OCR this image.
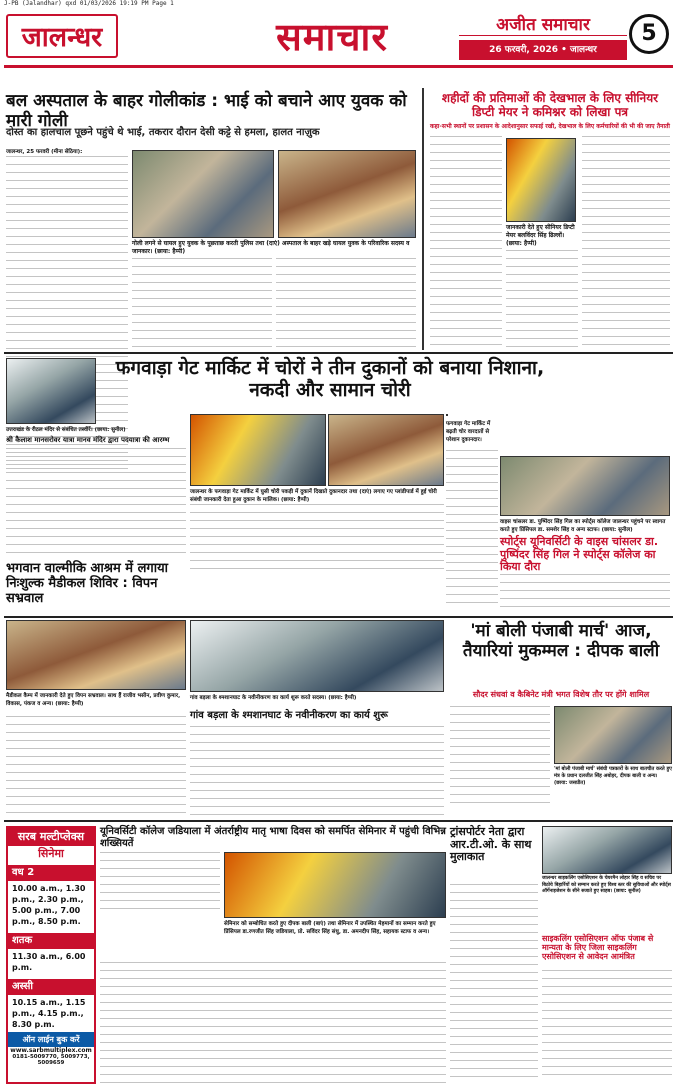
J-PB (Jalandhar) qxd 01/03/2026 19:19 PM Page 1
जालन्धर	समाचार	अजीत समाचार
26 फरवरी, 2026 • जालन्धर
5
बल अस्पताल के बाहर गोलीकांड : भाई को बचाने आए युवक को मारी गोली
दोस्त का हालचाल पूछने पहुंचे थे भाई, तकरार दौरान देसी कट्टे से हमला, हालत नाज़ुक
जालन्धर, 25 फरवरी (मीना सेठिया):
गोली लगने से घायल हुए युवक के पूछताछ करती पुलिस तथा (दाएं) अस्पताल के बाहर खड़े घायल युवक के परिवारिक सदस्य व जानकार। (छाया: हैप्पी)
शहीदों की प्रतिमाओं की देखभाल के लिए सीनियर डिप्टी मेयर ने कमिश्नर को लिखा पत्र
कहा-सभी स्थानों पर प्रशासन के आदेशानुसार सफाई रखी, देखभाल के लिए कर्मचारियों की भी की जाए तैनाती
जानकारी देते हुए सीनियर डिप्टी मेयर बलविंदर सिंह ढिल्लों। (छाया: हैप्पी)
फगवाड़ा गेट मार्किट में चोरों ने तीन दुकानों को बनाया निशाना, नकदी और सामान चोरी
उत्तराखंड के रीठल मंदिर से संबंधित तस्वीरें। (छाया: सुनील)
श्री कैलाश मानसरोवर यात्रा मानव मंदिर द्वारा पदयात्रा की आरम्भ
जालन्धर के फगवाड़ा गेट मार्किट में घुसी चोरी पकड़ी में दुकानें दिखाते दुकानदार तथा (दाएं) लगाए गए प्लांडीपार्ड में हुई चोरी संबंधी जानकारी देता हुआ दुकान के मालिक। (छाया: हैप्पी)
वाइस चांसलर डा. पुष्पिंदर सिंह गिल का स्पोर्ट्स कॉलेज जालन्धर पहुंचने पर स्वागत करते हुए प्रिंसिपल डा. समशेर सिंह व अन्य स्टाफ। (छाया: सुनील)
स्पोर्ट्स यूनिवर्सिटी के वाइस चांसलर डा. पुष्पिंदर सिंह गिल ने स्पोर्ट्स कॉलेज का किया दौरा
फगवाड़ा गेट मार्किट में बढ़ती चोर वारदातों से परेशान दुकानदार।
भगवान वाल्मीकि आश्रम में लगाया निःशुल्क मैडीकल शिविर : विपन सभ्रवाल
मैडीकल कैम्प में जानकारी देते हुए विपन सभ्रवाल। साथ हैं राजीव भसीन, प्रवीण कुमार, विकास, पंकज व अन्य। (छाया: हैप्पी)
गांव बड़ला के श्मशानघाट के नवीनीकरण का कार्य शुरू करते सदस्य। (छाया: हैप्पी)
गांव बड़ला के श्मशानघाट के नवीनीकरण का कार्य शुरू
'मां बोली पंजाबी मार्च' आज, तैयारियां मुकम्मल : दीपक बाली
सौदर संधवां व कैबिनेट मंत्री भगत विशेष तौर पर होंगे शामिल
'मां बोली पंजाबी मार्च' संबंधी पत्रकारों के साथ बातचीत करते हुए मंत्र के प्रधान दलजीत सिंह अबोहर, दीपक बाली व अन्य। (छाया: जसप्रीत)
सरब मल्टीप्लेक्स
सिनेमा
वध 2
10.00 a.m., 1.30 p.m., 2.30 p.m., 5.00 p.m., 7.00 p.m., 8.50 p.m.
शतक
11.30 a.m., 6.00 p.m.
अस्सी
10.15 a.m., 1.15 p.m., 4.15 p.m., 8.30 p.m.
ऑन लाईन बुक करें
www.sarbmultiplex.com
0181-5009770, 5009773, 5009659
यूनिवर्सिटी कॉलेज जडियाला में अंतर्राष्ट्रीय मातृ भाषा दिवस को समर्पित सेमिनार में पहुंची विभिन्न शख्सियतें
सेमिनार को सम्बोधित करते हुए दीपक बाली (बाएं) तथा सेमिनार में उपस्थित मेहमानों का सम्मान करते हुए प्रिंसिपल डा.रणजीत सिंह जडियाला, प्रो. सविंदर सिंह संधु, डा. अमनदीप सिंह, सहायक स्टाफ व अन्य।
ट्रांसपोर्टर नेता द्वारा आर.टी.ओ. के साथ मुलाकात
जालन्धर साइकलिंग एसोसिएशन के चेयरमैन लोहार सिंह व सचिव पर बिठोये बिहार्रियों को सम्मान करते हुए विश्व स्तर की सुविधाओं और स्पोर्ट्स ऑर्गेनाइजेशन के सीने सजाते हुए साहब। (छाया: सुनील)
साइकलिंग एसोसिएशन ऑफ पंजाब से मान्यता के लिए जिला साइकलिंग एसोसिएशन से आवेदन आमंत्रित
